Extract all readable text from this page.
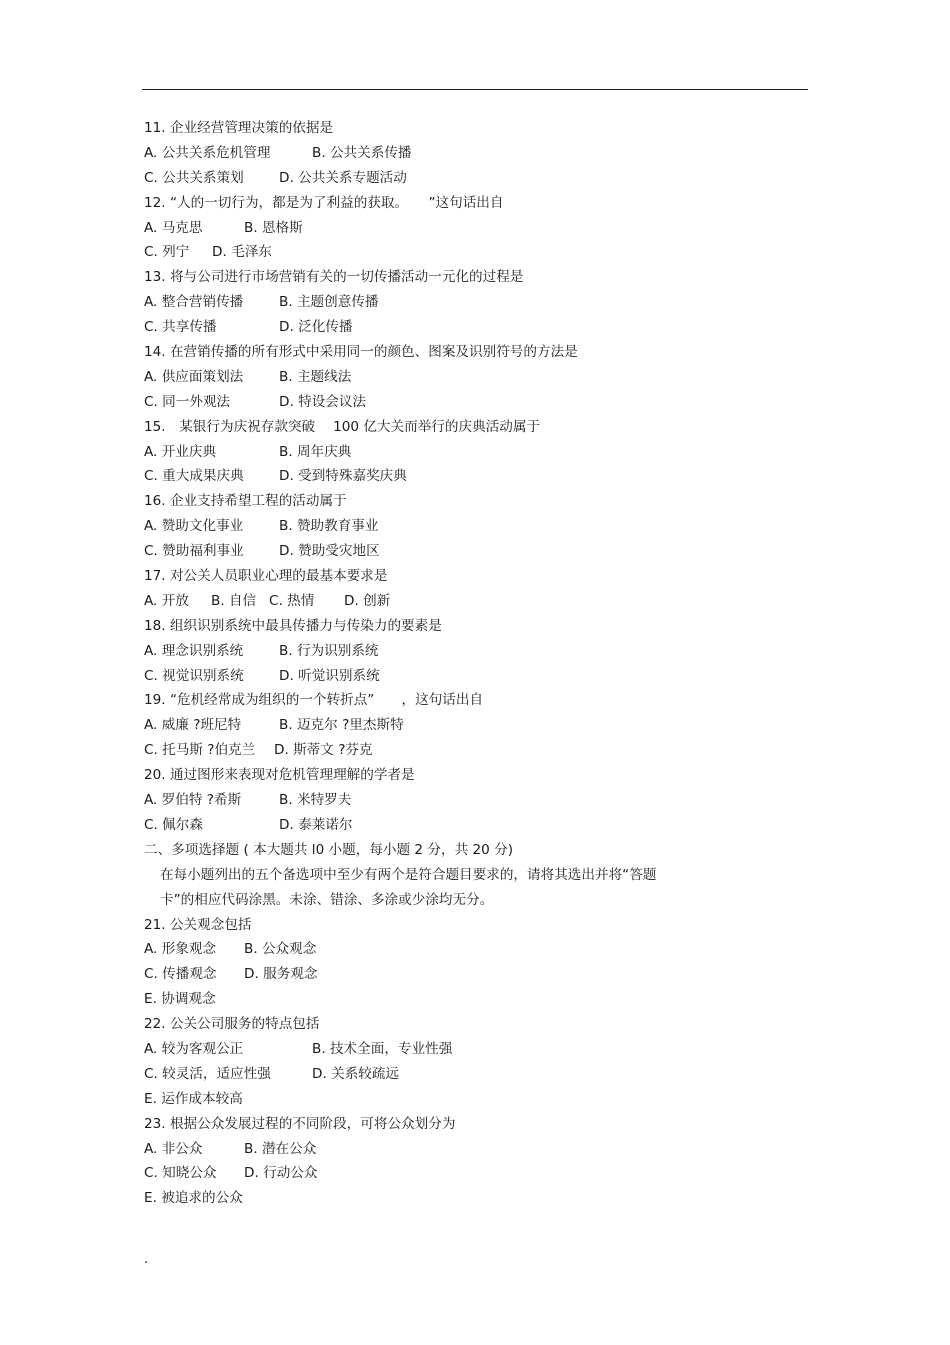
11. 企业经营管理决策的依据是
A. 公共关系危机管理	B. 公共关系传播
C. 公共关系策划	D. 公共关系专题活动
12. “人的一切行为，都是为了利益的获取。　　”这句话出自
A. 马克思	B. 恩格斯
C. 列宁 D. 毛泽东
13. 将与公司进行市场营销有关的一切传播活动一元化的过程是
A. 整合营销传播	B. 主题创意传播
C. 共享传播	D. 泛化传播
14. 在营销传播的所有形式中采用同一的颜色、图案及识别符号的方法是
A. 供应面策划法	B. 主题线法
C. 同一外观法	D. 特设会议法
15.　某银行为庆祝存款突破　 100 亿大关而举行的庆典活动属于
A. 开业庆典	B. 周年庆典
C. 重大成果庆典	D. 受到特殊嘉奖庆典
16. 企业支持希望工程的活动属于
A. 赞助文化事业	B. 赞助教育事业
C. 赞助福利事业	D. 赞助受灾地区
17. 对公关人员职业心理的最基本要求是
A. 开放 B. 自信 C. 热情 D. 创新
18. 组织识别系统中最具传播力与传染力的要素是
A. 理念识别系统	B. 行为识别系统
C. 视觉识别系统	D. 听觉识别系统
19. “危机经常成为组织的一个转折点”　　，这句话出自
A. 威廉 ?班尼特	B. 迈克尔 ?里杰斯特
C. 托马斯 ?伯克兰 D. 斯蒂文 ?芬克
20. 通过图形来表现对危机管理理解的学者是
A. 罗伯特 ?希斯	B. 米特罗夫
C. 佩尔森	D. 泰莱诺尔
二、多项选择题 ( 本大题共 l0 小题，每小题 2 分，共 20 分)
在每小题列出的五个备选项中至少有两个是符合题目要求的，请将其选出并将“答题
卡”的相应代码涂黑。未涂、错涂、多涂或少涂均无分。
21. 公关观念包括
A. 形象观念 B. 公众观念
C. 传播观念 D. 服务观念
E. 协调观念
22. 公关公司服务的特点包括
A. 较为客观公正	B. 技术全面，专业性强
C. 较灵活，适应性强	D. 关系较疏远
E. 运作成本较高
23. 根据公众发展过程的不同阶段，可将公众划分为
A. 非公众	B. 潜在公众
C. 知晓公众 D. 行动公众
E. 被追求的公众
.
